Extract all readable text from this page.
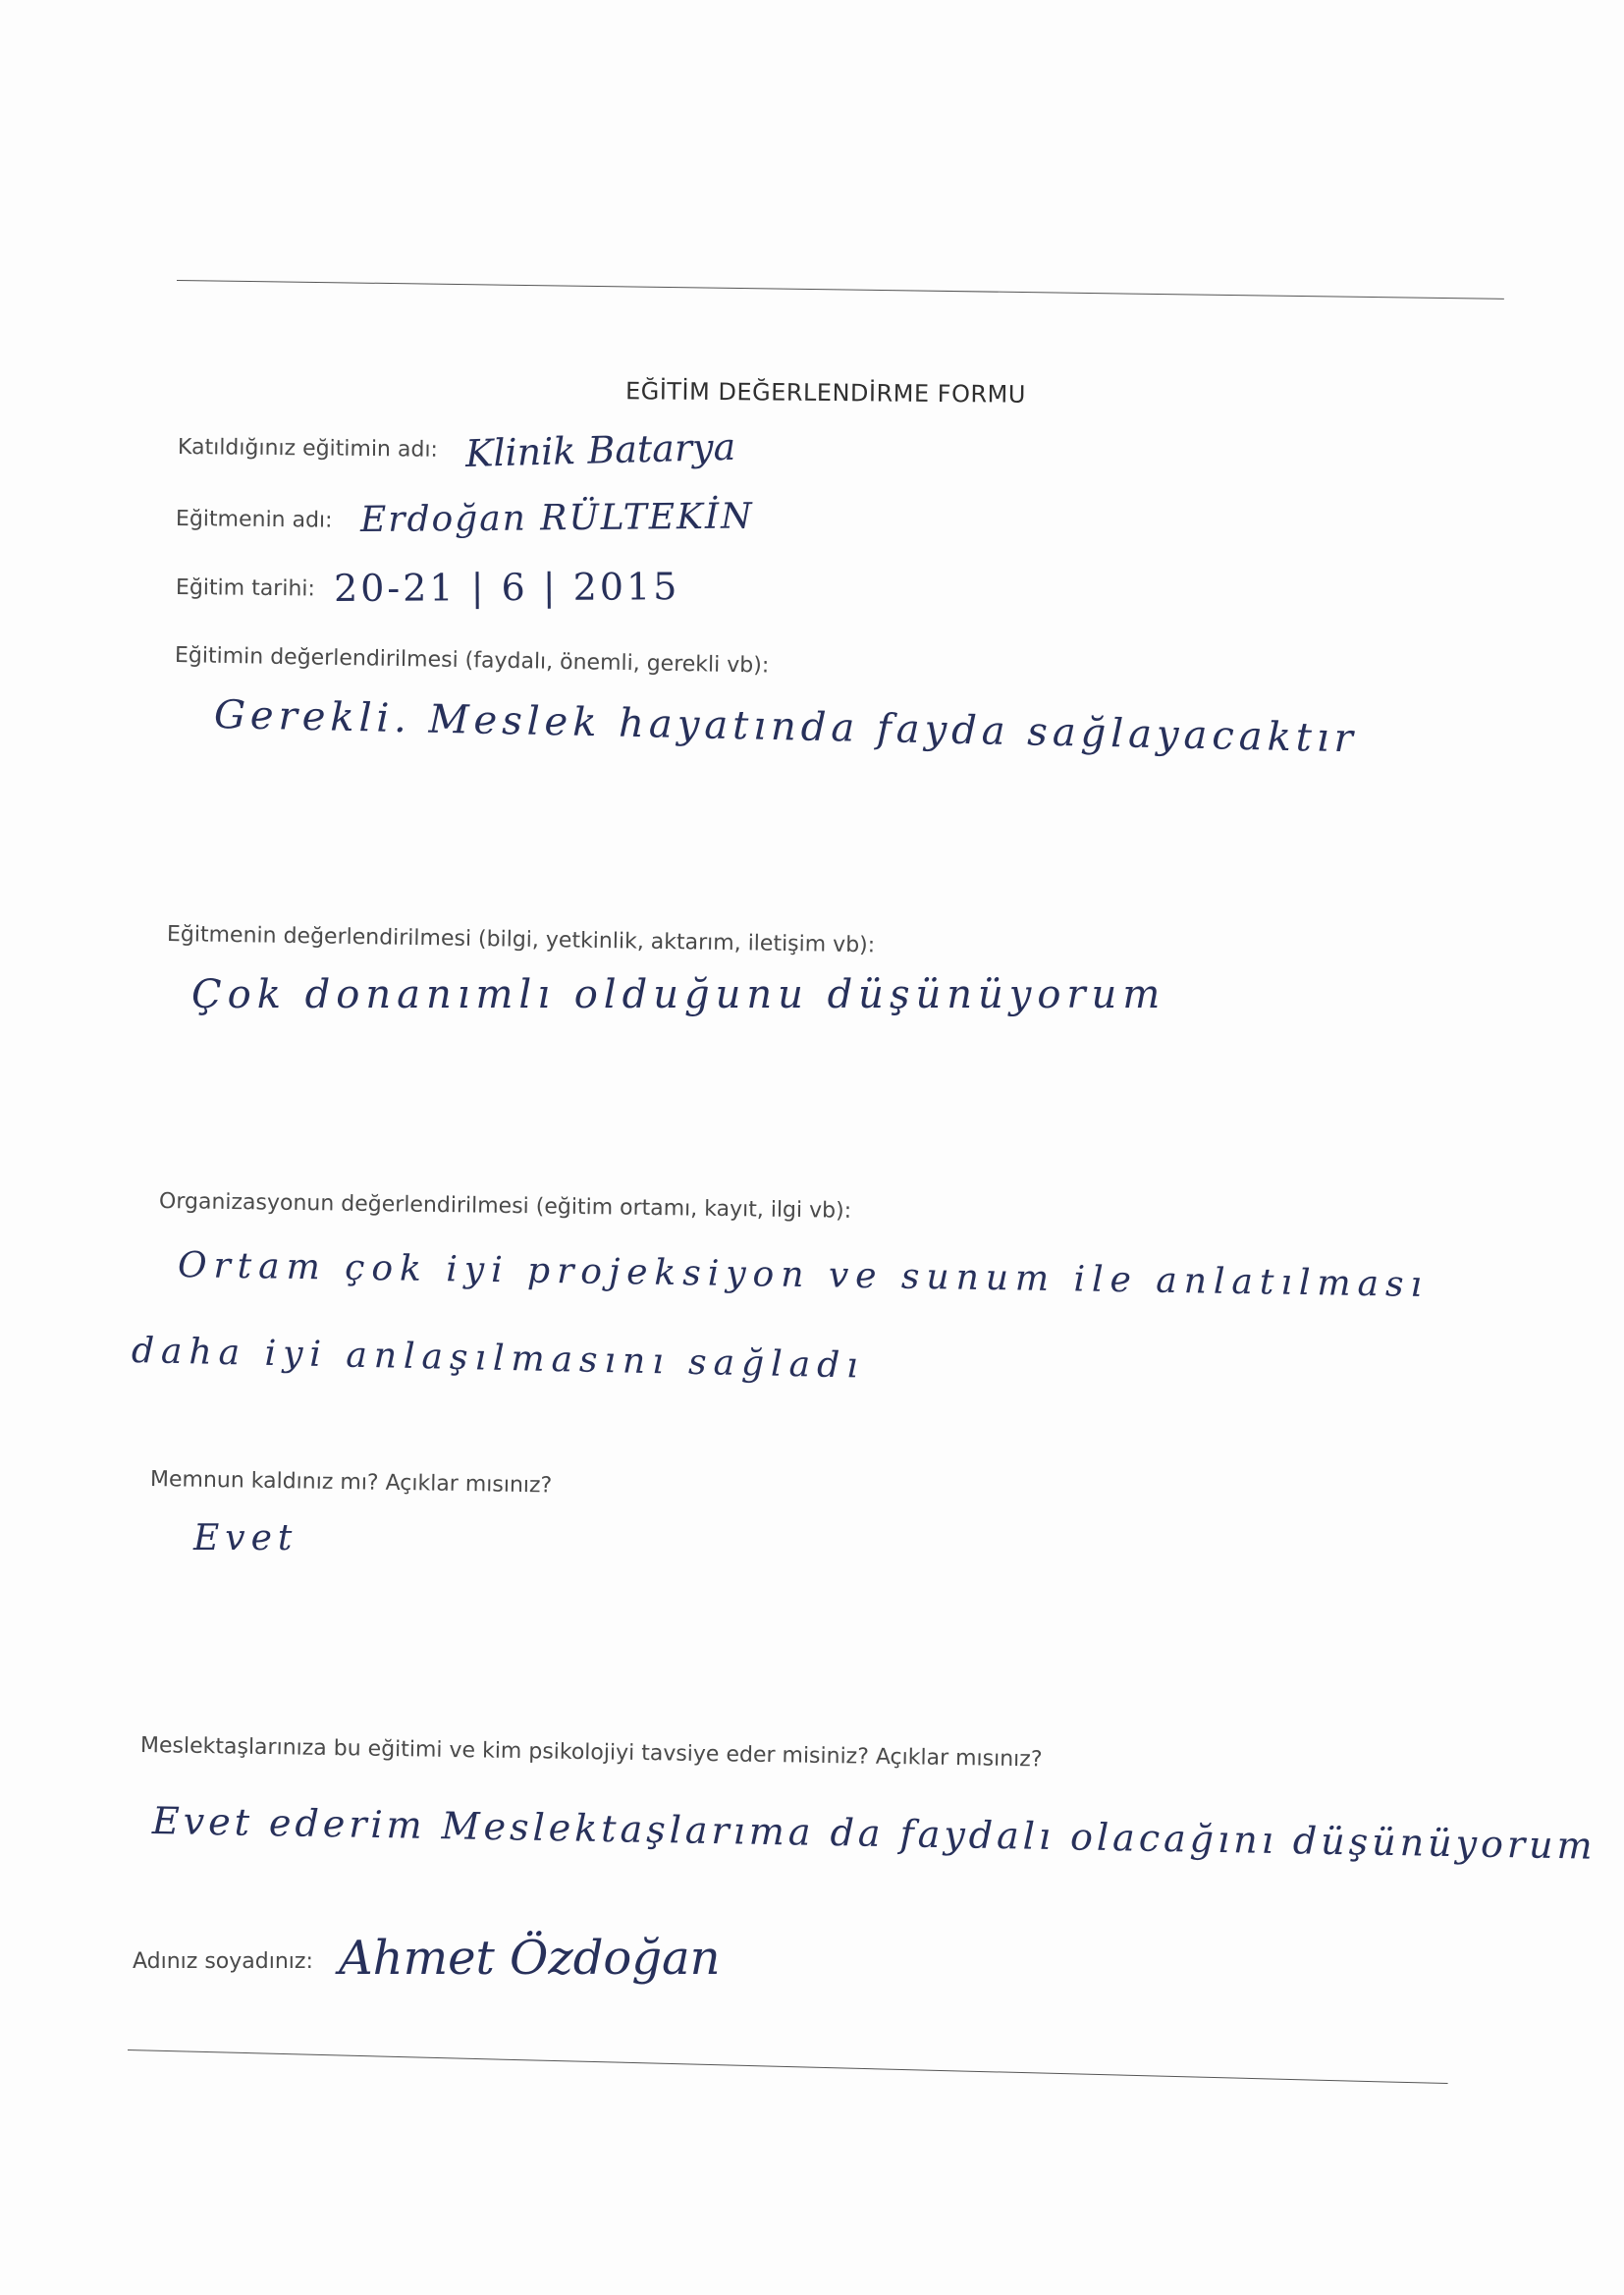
EĞİTİM DEĞERLENDİRME FORMU
Katıldığınız eğitimin adı: Klinik Batarya
Eğitmenin adı: Erdoğan RÜLTEKİN
Eğitim tarihi: 20-21 | 6 | 2015
Eğitimin değerlendirilmesi (faydalı, önemli, gerekli vb):
Gerekli. Meslek hayatında fayda sağlayacaktır
Eğitmenin değerlendirilmesi (bilgi, yetkinlik, aktarım, iletişim vb):
Çok donanımlı olduğunu düşünüyorum
Organizasyonun değerlendirilmesi (eğitim ortamı, kayıt, ilgi vb):
Ortam çok iyi projeksiyon ve sunum ile anlatılması
daha iyi anlaşılmasını sağladı
Memnun kaldınız mı? Açıklar mısınız?
Evet
Meslektaşlarınıza bu eğitimi ve kim psikolojiyi tavsiye eder misiniz? Açıklar mısınız?
Evet ederim Meslektaşlarıma da faydalı olacağını düşünüyorum
Adınız soyadınız: Ahmet Özdoğan
